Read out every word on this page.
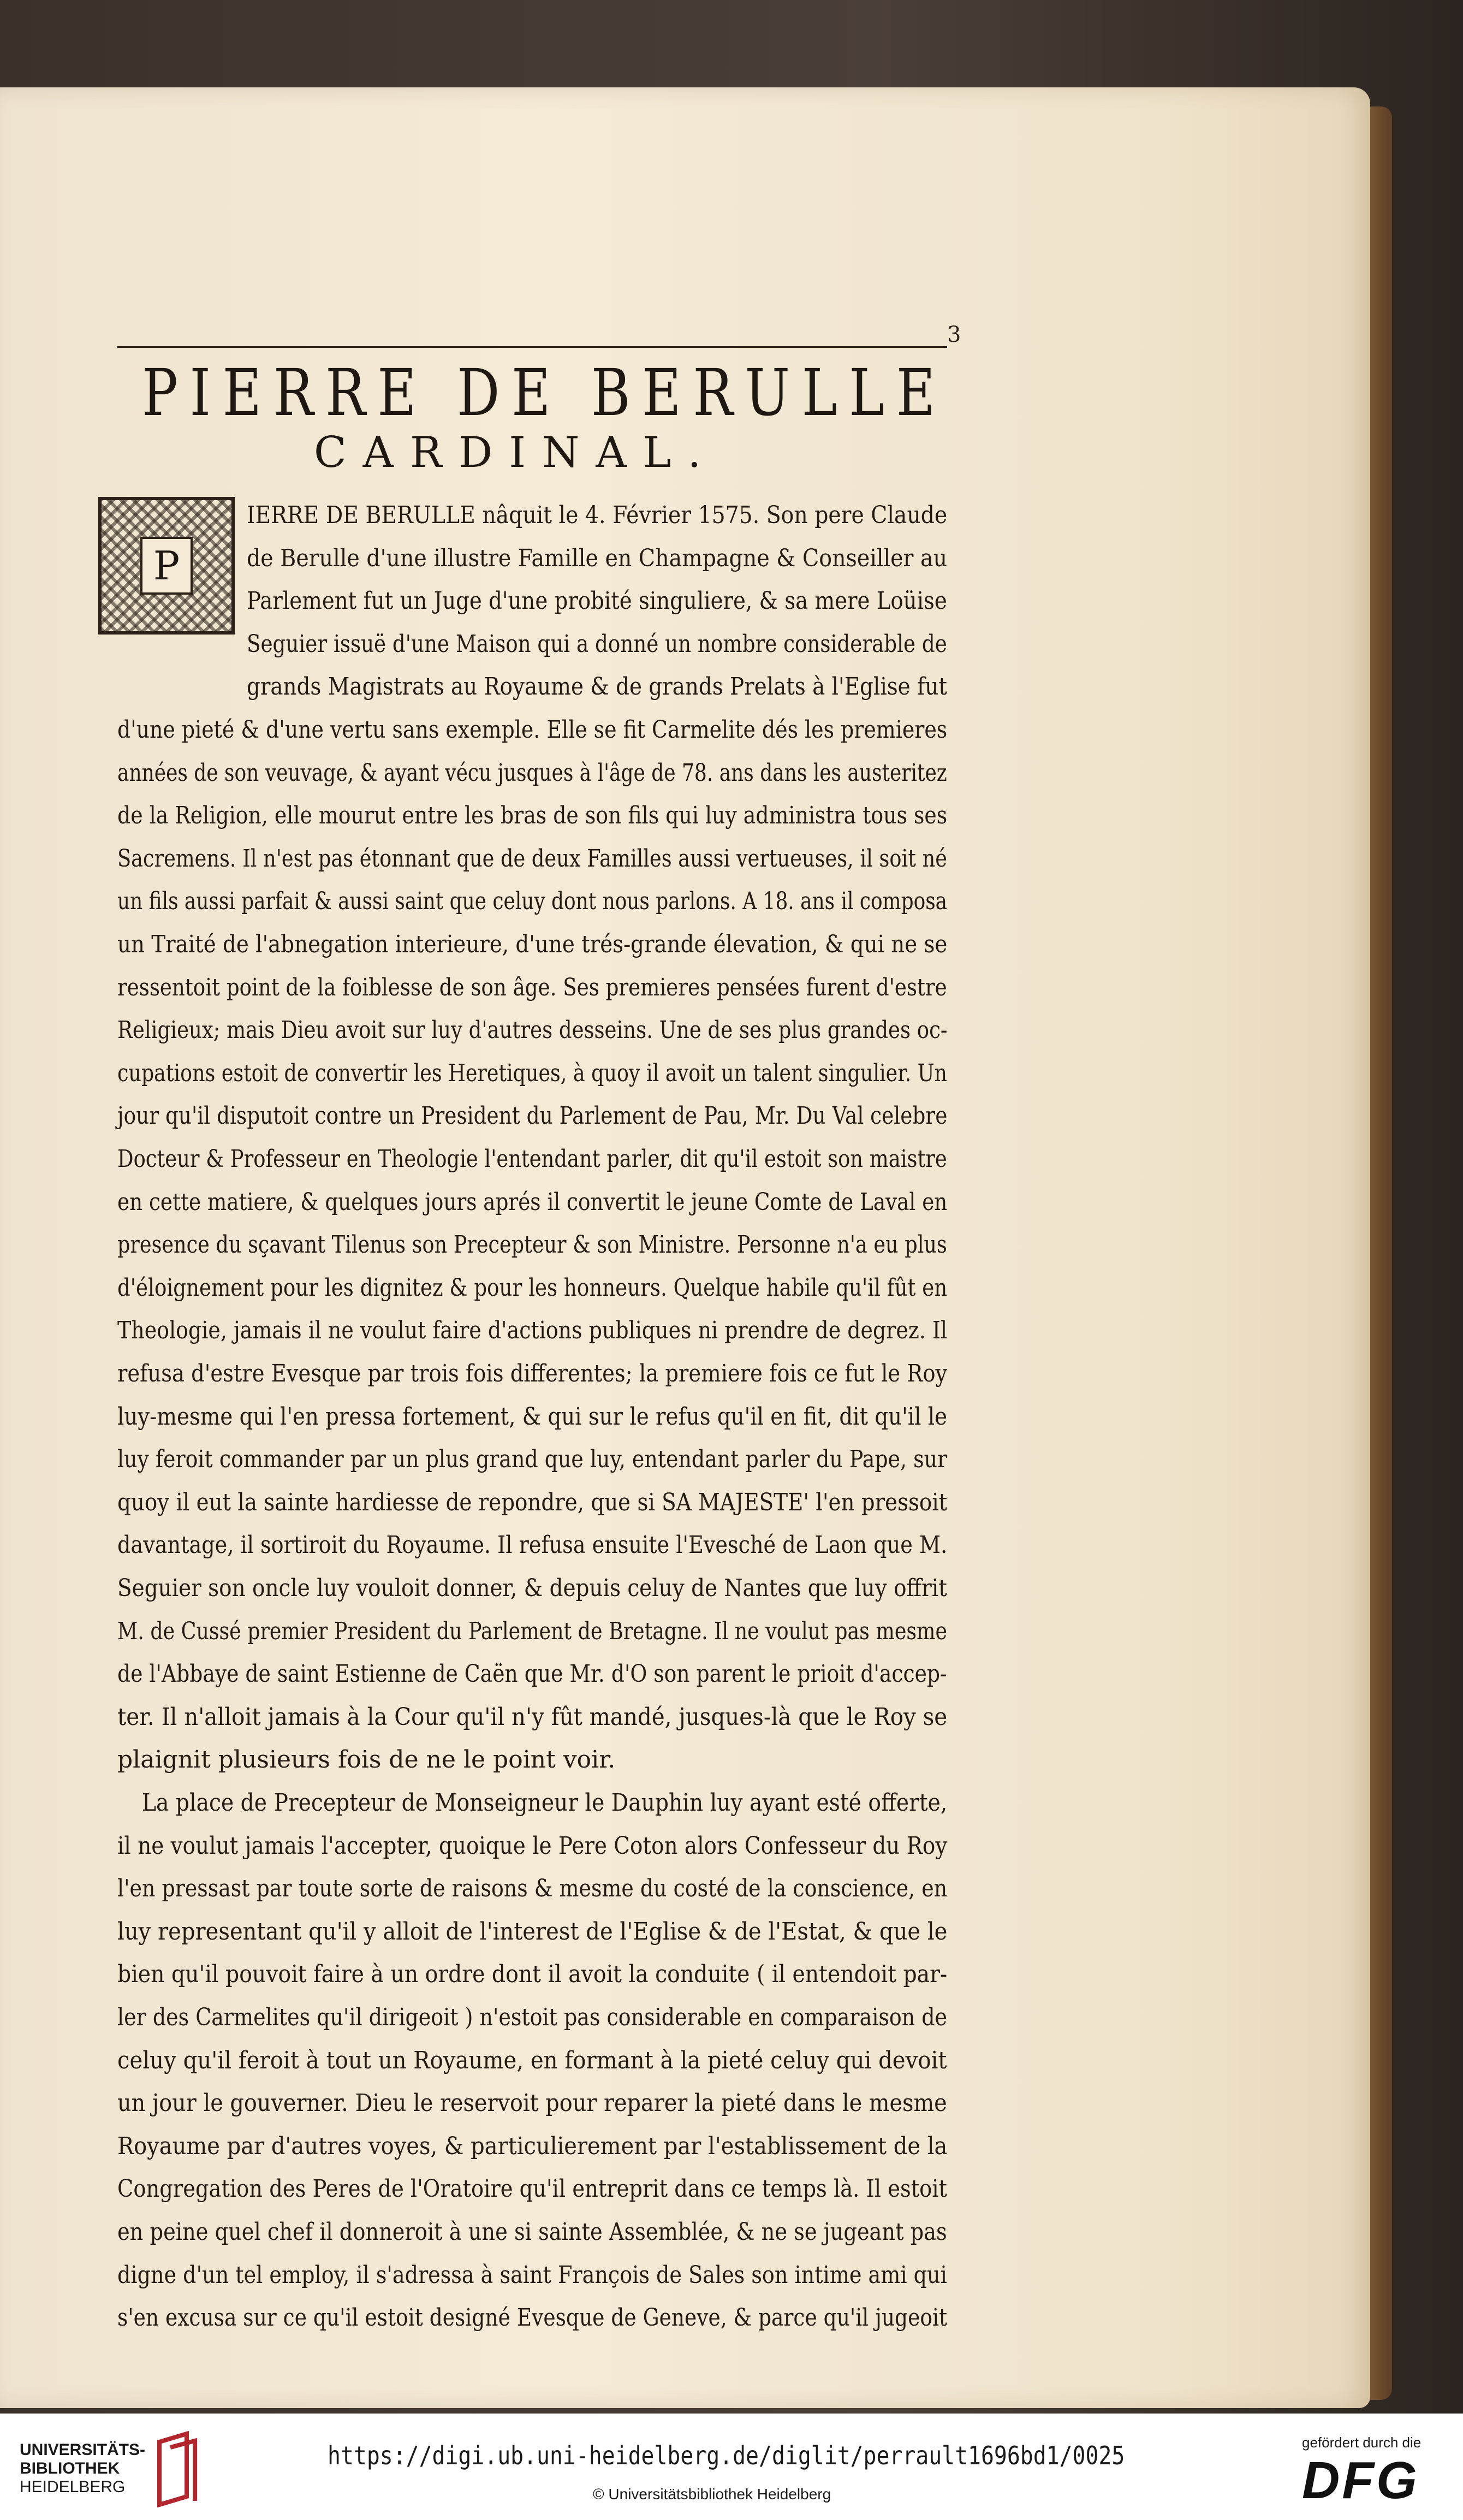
3
PIERRE DE BERULLE
CARDINAL.
P
IERRE DE BERULLE nâquit le 4. Février 1575. Son pere Claude
de Berulle d'une illustre Famille en Champagne & Conseiller au
Parlement fut un Juge d'une probité singuliere, & sa mere Loüise
Seguier issuë d'une Maison qui a donné un nombre considerable de
grands Magistrats au Royaume & de grands Prelats à l'Eglise fut
d'une pieté & d'une vertu sans exemple. Elle se fit Carmelite dés les premieres
années de son veuvage, & ayant vécu jusques à l'âge de 78. ans dans les austeritez
de la Religion, elle mourut entre les bras de son fils qui luy administra tous ses
Sacremens. Il n'est pas étonnant que de deux Familles aussi vertueuses, il soit né
un fils aussi parfait & aussi saint que celuy dont nous parlons. A 18. ans il composa
un Traité de l'abnegation interieure, d'une trés-grande élevation, & qui ne se
ressentoit point de la foiblesse de son âge. Ses premieres pensées furent d'estre
Religieux; mais Dieu avoit sur luy d'autres desseins. Une de ses plus grandes oc-
cupations estoit de convertir les Heretiques, à quoy il avoit un talent singulier. Un
jour qu'il disputoit contre un President du Parlement de Pau, Mr. Du Val celebre
Docteur & Professeur en Theologie l'entendant parler, dit qu'il estoit son maistre
en cette matiere, & quelques jours aprés il convertit le jeune Comte de Laval en
presence du sçavant Tilenus son Precepteur & son Ministre. Personne n'a eu plus
d'éloignement pour les dignitez & pour les honneurs. Quelque habile qu'il fût en
Theologie, jamais il ne voulut faire d'actions publiques ni prendre de degrez. Il
refusa d'estre Evesque par trois fois differentes; la premiere fois ce fut le Roy
luy-mesme qui l'en pressa fortement, & qui sur le refus qu'il en fit, dit qu'il le
luy feroit commander par un plus grand que luy, entendant parler du Pape, sur
quoy il eut la sainte hardiesse de repondre, que si SA MAJESTE' l'en pressoit
davantage, il sortiroit du Royaume. Il refusa ensuite l'Evesché de Laon que M.
Seguier son oncle luy vouloit donner, & depuis celuy de Nantes que luy offrit
M. de Cussé premier President du Parlement de Bretagne. Il ne voulut pas mesme
de l'Abbaye de saint Estienne de Caën que Mr. d'O son parent le prioit d'accep-
ter. Il n'alloit jamais à la Cour qu'il n'y fût mandé, jusques-là que le Roy se
plaignit plusieurs fois de ne le point voir.
La place de Precepteur de Monseigneur le Dauphin luy ayant esté offerte,
il ne voulut jamais l'accepter, quoique le Pere Coton alors Confesseur du Roy
l'en pressast par toute sorte de raisons & mesme du costé de la conscience, en
luy representant qu'il y alloit de l'interest de l'Eglise & de l'Estat, & que le
bien qu'il pouvoit faire à un ordre dont il avoit la conduite ( il entendoit par-
ler des Carmelites qu'il dirigeoit ) n'estoit pas considerable en comparaison de
celuy qu'il feroit à tout un Royaume, en formant à la pieté celuy qui devoit
un jour le gouverner. Dieu le reservoit pour reparer la pieté dans le mesme
Royaume par d'autres voyes, & particulierement par l'establissement de la
Congregation des Peres de l'Oratoire qu'il entreprit dans ce temps là. Il estoit
en peine quel chef il donneroit à une si sainte Assemblée, & ne se jugeant pas
digne d'un tel employ, il s'adressa à saint François de Sales son intime ami qui
s'en excusa sur ce qu'il estoit designé Evesque de Geneve, & parce qu'il jugeoit
UNIVERSITÄTS-
BIBLIOTHEK
HEIDELBERG
https://digi.ub.uni-heidelberg.de/diglit/perrault1696bd1/0025
© Universitätsbibliothek Heidelberg
gefördert durch die
DFG
